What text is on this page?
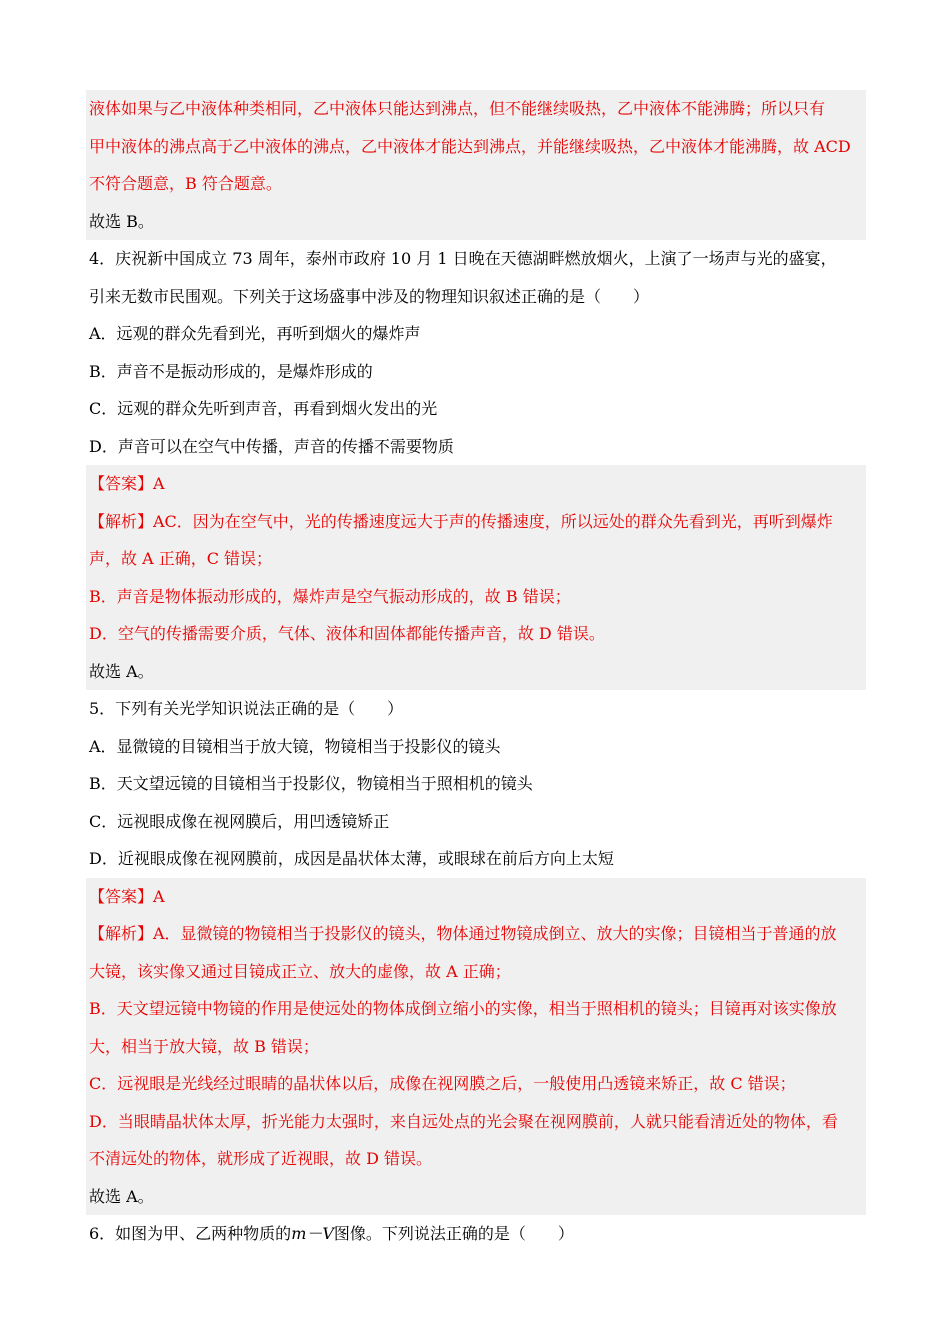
液体如果与乙中液体种类相同，乙中液体只能达到沸点，但不能继续吸热，乙中液体不能沸腾；所以只有
甲中液体的沸点高于乙中液体的沸点，乙中液体才能达到沸点，并能继续吸热，乙中液体才能沸腾，故 ACD
不符合题意，B 符合题意。
故选 B。
4．庆祝新中国成立 73 周年，泰州市政府 10 月 1 日晚在天德湖畔燃放烟火，上演了一场声与光的盛宴，
引来无数市民围观。下列关于这场盛事中涉及的物理知识叙述正确的是（　　）
A．远观的群众先看到光，再听到烟火的爆炸声
B．声音不是振动形成的，是爆炸形成的
C．远观的群众先听到声音，再看到烟火发出的光
D．声音可以在空气中传播，声音的传播不需要物质
【答案】A
【解析】AC．因为在空气中，光的传播速度远大于声的传播速度，所以远处的群众先看到光，再听到爆炸
声，故 A 正确，C 错误；
B．声音是物体振动形成的，爆炸声是空气振动形成的，故 B 错误；
D．空气的传播需要介质，气体、液体和固体都能传播声音，故 D 错误。
故选 A。
5．下列有关光学知识说法正确的是（　　）
A．显微镜的目镜相当于放大镜，物镜相当于投影仪的镜头
B．天文望远镜的目镜相当于投影仪，物镜相当于照相机的镜头
C．远视眼成像在视网膜后，用凹透镜矫正
D．近视眼成像在视网膜前，成因是晶状体太薄，或眼球在前后方向上太短
【答案】A
【解析】A．显微镜的物镜相当于投影仪的镜头，物体通过物镜成倒立、放大的实像；目镜相当于普通的放
大镜，该实像又通过目镜成正立、放大的虚像，故 A 正确；
B．天文望远镜中物镜的作用是使远处的物体成倒立缩小的实像，相当于照相机的镜头；目镜再对该实像放
大，相当于放大镜，故 B 错误；
C．远视眼是光线经过眼睛的晶状体以后，成像在视网膜之后，一般使用凸透镜来矫正，故 C 错误；
D．当眼睛晶状体太厚，折光能力太强时，来自远处点的光会聚在视网膜前，人就只能看清近处的物体，看
不清远处的物体，就形成了近视眼，故 D 错误。
故选 A。
6．如图为甲、乙两种物质的m－V图像。下列说法正确的是（　　）
